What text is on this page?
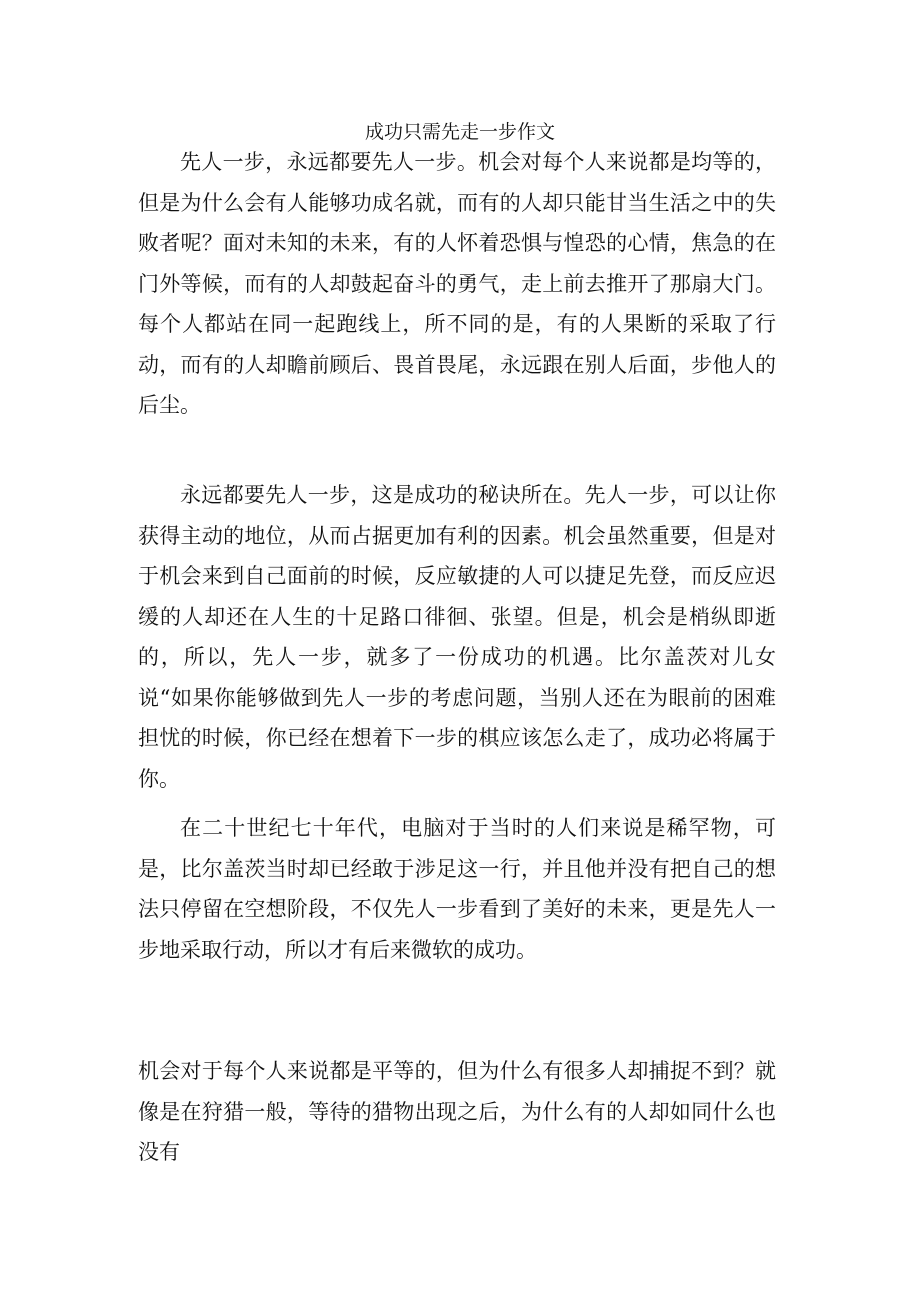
成功只需先走一步作文

先人一步，永远都要先人一步。机会对每个人来说都是均等的，但是为什么会有人能够功成名就，而有的人却只能甘当生活之中的失败者呢？面对未知的未来，有的人怀着恐惧与惶恐的心情，焦急的在门外等候，而有的人却鼓起奋斗的勇气，走上前去推开了那扇大门。每个人都站在同一起跑线上，所不同的是，有的人果断的采取了行动，而有的人却瞻前顾后、畏首畏尾，永远跟在别人后面，步他人的后尘。

永远都要先人一步，这是成功的秘诀所在。先人一步，可以让你获得主动的地位，从而占据更加有利的因素。机会虽然重要，但是对于机会来到自己面前的时候，反应敏捷的人可以捷足先登，而反应迟缓的人却还在人生的十足路口徘徊、张望。但是，机会是梢纵即逝的，所以，先人一步，就多了一份成功的机遇。比尔盖茨对儿女说“如果你能够做到先人一步的考虑问题，当别人还在为眼前的困难担忧的时候，你已经在想着下一步的棋应该怎么走了，成功必将属于你。

在二十世纪七十年代，电脑对于当时的人们来说是稀罕物，可是，比尔盖茨当时却已经敢于涉足这一行，并且他并没有把自己的想法只停留在空想阶段，不仅先人一步看到了美好的未来，更是先人一步地采取行动，所以才有后来微软的成功。

机会对于每个人来说都是平等的，但为什么有很多人却捕捉不到？就像是在狩猎一般，等待的猎物出现之后，为什么有的人却如同什么也没有
